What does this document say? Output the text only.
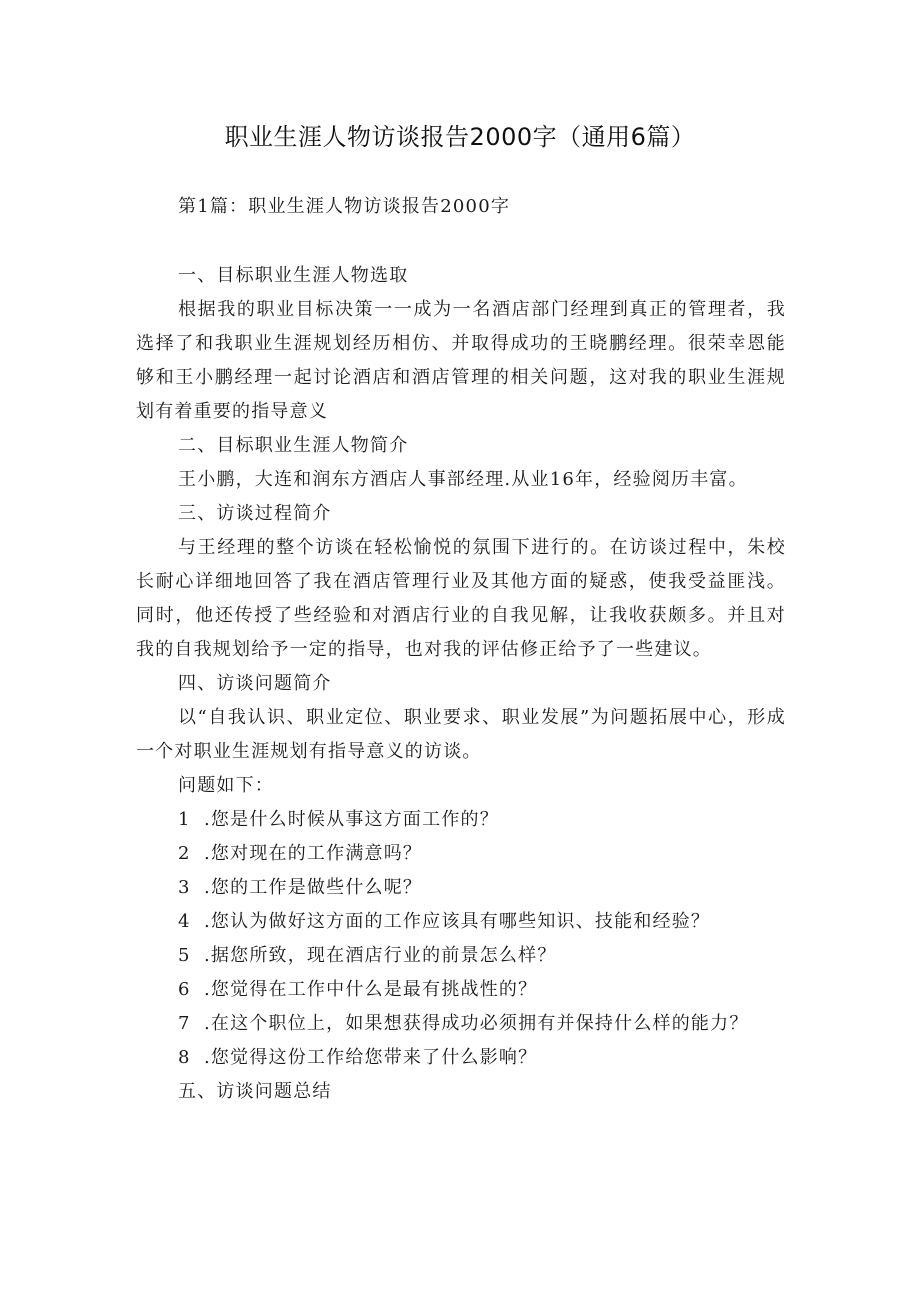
职业生涯人物访谈报告2000字（通用6篇）
第1篇：职业生涯人物访谈报告2000字

一、目标职业生涯人物选取

根据我的职业目标决策一一成为一名酒店部门经理到真正的管理者，我选择了和我职业生涯规划经历相仿、并取得成功的王晓鹏经理。很荣幸恩能够和王小鹏经理一起讨论酒店和酒店管理的相关问题，这对我的职业生涯规划有着重要的指导意义

二、目标职业生涯人物简介

王小鹏，大连和润东方酒店人事部经理.从业16年，经验阅历丰富。

三、访谈过程简介

与王经理的整个访谈在轻松愉悦的氛围下进行的。在访谈过程中，朱校长耐心详细地回答了我在酒店管理行业及其他方面的疑惑，使我受益匪浅。同时，他还传授了些经验和对酒店行业的自我见解，让我收获颇多。并且对我的自我规划给予一定的指导，也对我的评估修正给予了一些建议。

四、访谈问题简介

以“自我认识、职业定位、职业要求、职业发展”为问题拓展中心，形成一个对职业生涯规划有指导意义的访谈。

问题如下：

1 .您是什么时候从事这方面工作的？
2 .您对现在的工作满意吗？
3 .您的工作是做些什么呢？
4 .您认为做好这方面的工作应该具有哪些知识、技能和经验？
5 .据您所致，现在酒店行业的前景怎么样？
6 .您觉得在工作中什么是最有挑战性的？
7 .在这个职位上，如果想获得成功必须拥有并保持什么样的能力？
8 .您觉得这份工作给您带来了什么影响？

五、访谈问题总结
